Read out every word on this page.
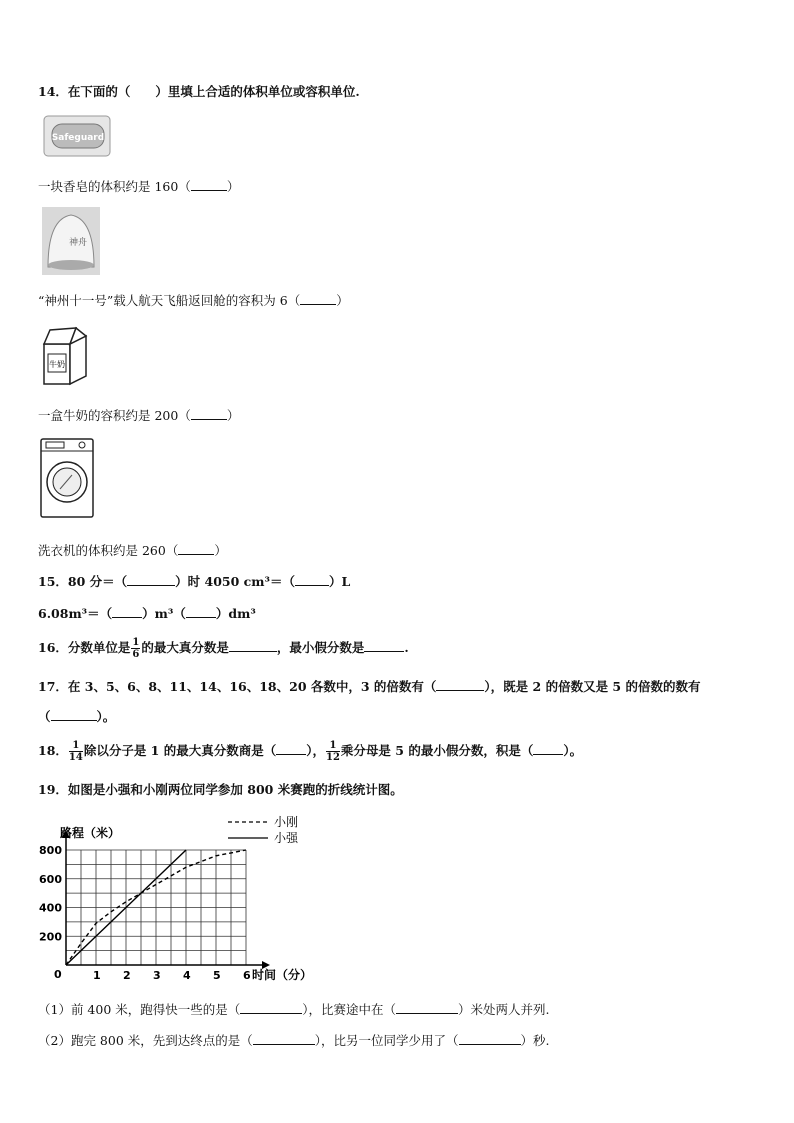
14．在下面的（　　）里填上合适的体积单位或容积单位.
Safeguard
一块香皂的体积约是 160（	）
神舟
“神州十一号”载人航天飞船返回舱的容积为 6（	）
牛奶
一盒牛奶的容积约是 200（	）
洗衣机的体积约是 260（	）
15．80 分＝（	）时 4050 cm³＝（	）L
6.08m³＝（ ）m³（ ）dm³
16．分数单位是 $\frac{1}{6}$ 的最大真分数是	，最小假分数是	.
17．在 3、5、6、8、11、14、16、18、20 各数中，3 的倍数有（	），既是 2 的倍数又是 5 的倍数的数有
（	）。
18． $\frac{1}{14}$ 除以分子是 1 的最大真分数商是（ ）， $\frac{1}{12}$ 乘分母是 5 的最小假分数，积是（ ）。
19．如图是小强和小刚两位同学参加 800 米赛跑的折线统计图。
1 2 3 4 5 6
200
400
600
800
小刚
小强
路程（米）
时间（分）
0
（1）前 400 米，跑得快一些的是（	），比赛途中在（	）米处两人并列.
（2）跑完 800 米，先到达终点的是（	），比另一位同学少用了（	）秒.
